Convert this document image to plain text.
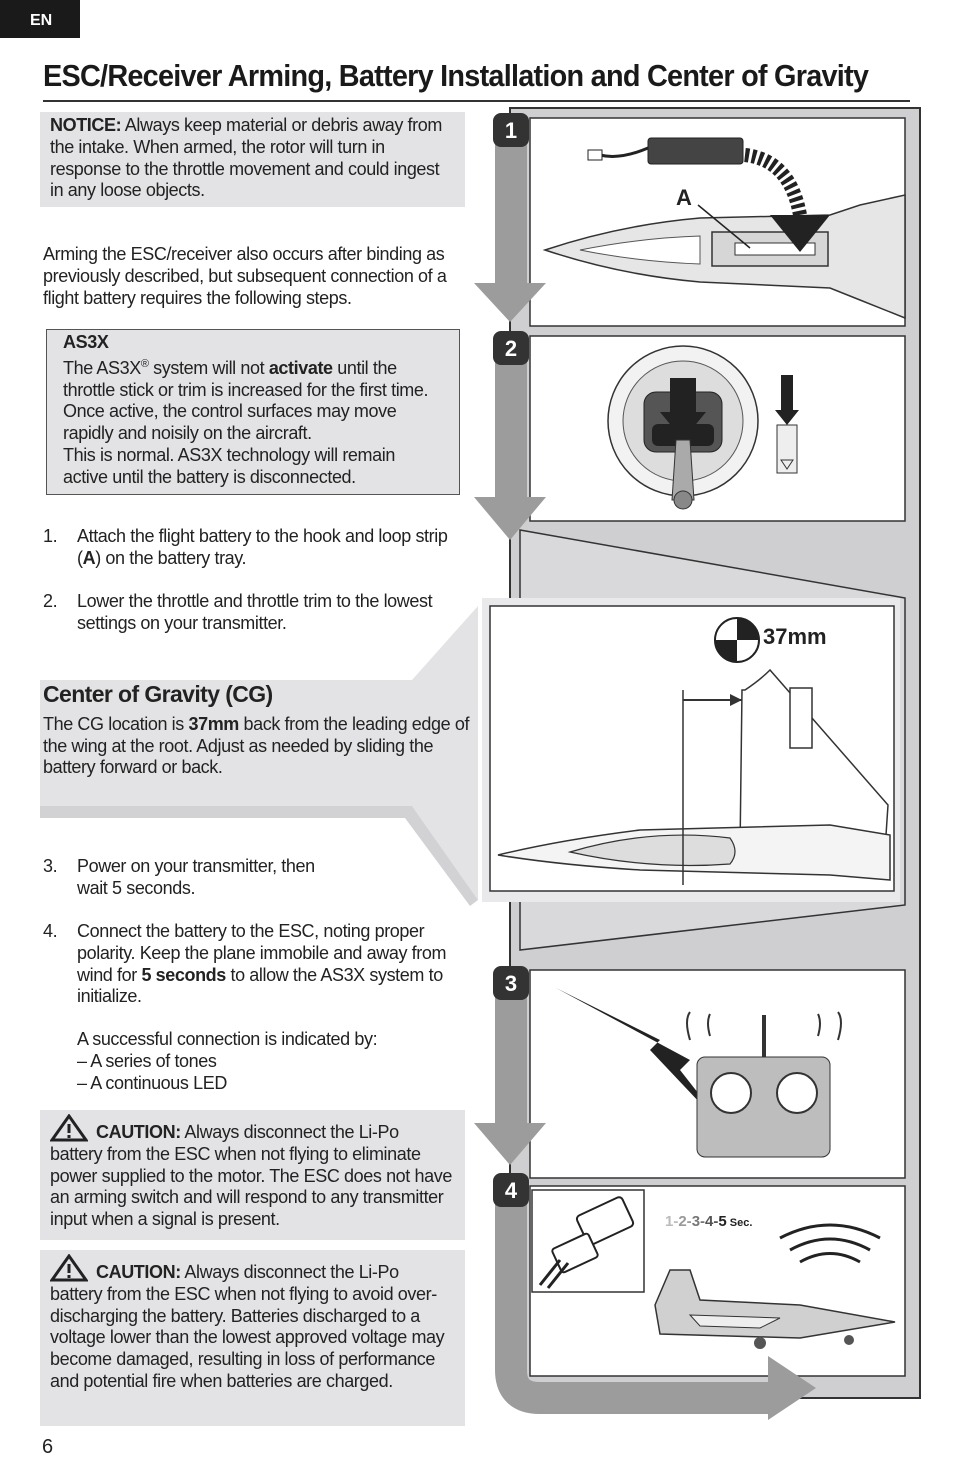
EN
ESC/Receiver Arming, Battery Installation and Center of Gravity
NOTICE: Always keep material or debris away from the intake. When armed, the rotor will turn in response to the throttle movement and could ingest in any loose objects.
Arming the ESC/receiver also occurs after binding as previously described, but subsequent connection of a flight battery requires the following steps.
AS3X
The AS3X® system will not activate until the throttle stick or trim is increased for the first time. Once active, the control surfaces may move rapidly and noisily on the aircraft.
This is normal. AS3X technology will remain active until the battery is disconnected.
1. Attach the flight battery to the hook and loop strip (A) on the battery tray.
2. Lower the throttle and throttle trim to the lowest settings on your transmitter.
Center of Gravity (CG)
The CG location is 37mm back from the leading edge of the wing at the root. Adjust as needed by sliding the battery forward or back.
3. Power on your transmitter, then wait 5 seconds.
4. Connect the battery to the ESC, noting proper polarity. Keep the plane immobile and away from wind for 5 seconds to allow the AS3X system to initialize.
A successful connection is indicated by:
– A series of tones
– A continuous LED
CAUTION: Always disconnect the Li-Po battery from the ESC when not flying to eliminate power supplied to the motor. The ESC does not have an arming switch and will respond to any transmitter input when a signal is present.
CAUTION: Always disconnect the Li-Po battery from the ESC when not flying to avoid over-discharging the battery. Batteries discharged to a voltage lower than the lowest approved voltage may become damaged, resulting in loss of performance and potential fire when batteries are charged.
6
1
2
3
4
A
37mm
1-2-3-4-5 Sec.
